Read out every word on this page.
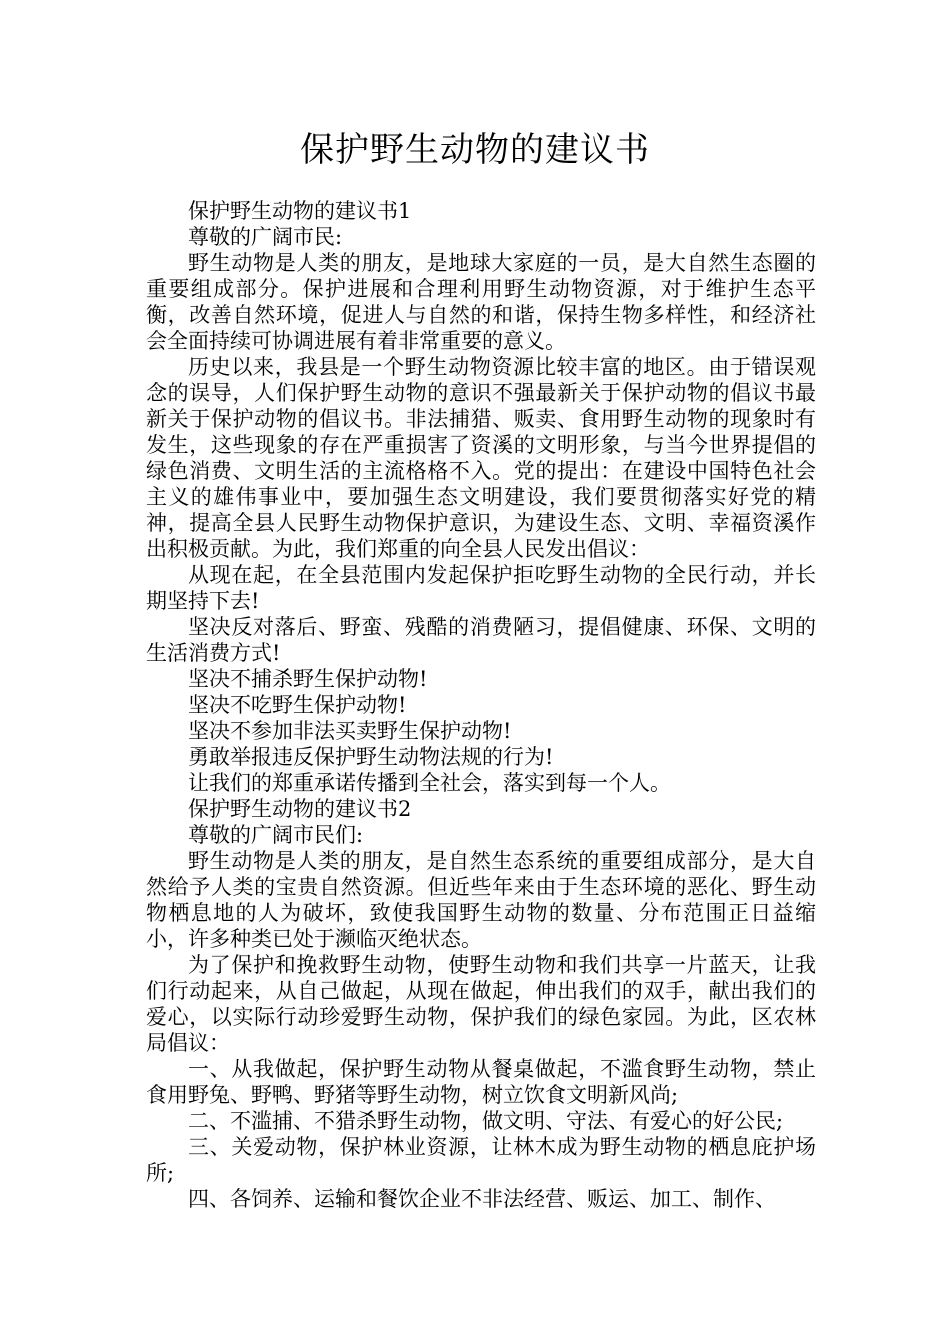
保护野生动物的建议书

保护野生动物的建议书1

尊敬的广阔市民:

野生动物是人类的朋友，是地球大家庭的一员，是大自然生态圈的重要组成部分。保护进展和合理利用野生动物资源，对于维护生态平衡，改善自然环境，促进人与自然的和谐，保持生物多样性，和经济社会全面持续可协调进展有着非常重要的意义。

历史以来，我县是一个野生动物资源比较丰富的地区。由于错误观念的误导，人们保护野生动物的意识不强最新关于保护动物的倡议书最新关于保护动物的倡议书。非法捕猎、贩卖、食用野生动物的现象时有发生，这些现象的存在严重损害了资溪的文明形象，与当今世界提倡的绿色消费、文明生活的主流格格不入。党的提出：在建设中国特色社会主义的雄伟事业中，要加强生态文明建设，我们要贯彻落实好党的精神，提高全县人民野生动物保护意识，为建设生态、文明、幸福资溪作出积极贡献。为此，我们郑重的向全县人民发出倡议：

从现在起，在全县范围内发起保护拒吃野生动物的全民行动，并长期坚持下去!

坚决反对落后、野蛮、残酷的消费陋习，提倡健康、环保、文明的生活消费方式!

坚决不捕杀野生保护动物!

坚决不吃野生保护动物!

坚决不参加非法买卖野生保护动物!

勇敢举报违反保护野生动物法规的行为!

让我们的郑重承诺传播到全社会，落实到每一个人。

保护野生动物的建议书2

尊敬的广阔市民们:

野生动物是人类的朋友，是自然生态系统的重要组成部分，是大自然给予人类的宝贵自然资源。但近些年来由于生态环境的恶化、野生动物栖息地的人为破坏，致使我国野生动物的数量、分布范围正日益缩小，许多种类已处于濒临灭绝状态。

为了保护和挽救野生动物，使野生动物和我们共享一片蓝天，让我们行动起来，从自己做起，从现在做起，伸出我们的双手，献出我们的爱心，以实际行动珍爱野生动物，保护我们的绿色家园。为此，区农林局倡议：

一、从我做起，保护野生动物从餐桌做起，不滥食野生动物，禁止食用野兔、野鸭、野猪等野生动物，树立饮食文明新风尚;

二、不滥捕、不猎杀野生动物，做文明、守法、有爱心的好公民;

三、关爱动物，保护林业资源，让林木成为野生动物的栖息庇护场所;

四、各饲养、运输和餐饮企业不非法经营、贩运、加工、制作、
